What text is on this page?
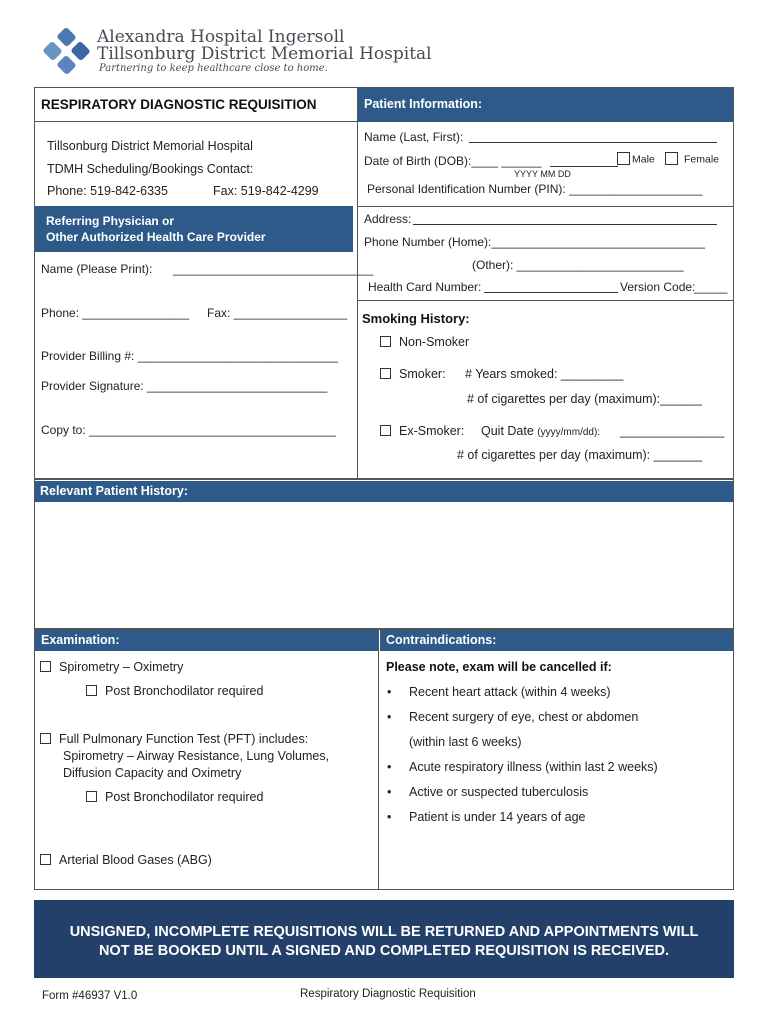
Alexandra Hospital Ingersoll
Tillsonburg District Memorial Hospital
Partnering to keep healthcare close to home.
RESPIRATORY DIAGNOSTIC REQUISITION
Tillsonburg District Memorial Hospital
TDMH Scheduling/Bookings Contact:
Phone: 519-842-6335	Fax: 519-842-4299
Referring Physician or
Other Authorized Health Care Provider
Name (Please Print): ______________________________
Phone: ________________ Fax: _________________
Provider Billing #: ______________________________
Provider Signature: ___________________________
Copy to: _____________________________________
Patient Information:
Name (Last, First):
Date of Birth (DOB):____ ______
YYYY MM DD
Male	Female
Personal Identification Number (PIN): ____________________
Address:
Phone Number (Home):________________________________
(Other): _________________________
Health Card Number:	Version Code:
_____
Smoking History:
Non-Smoker
Smoker: # Years smoked: _________
# of cigarettes per day (maximum):______
Ex-Smoker: Quit Date (yyyy/mm/dd): _______________
# of cigarettes per day (maximum): _______
Relevant Patient History:
Examination:	Contraindications:
Spirometry – Oximetry
Post Bronchodilator required
Full Pulmonary Function Test (PFT) includes:
Spirometry – Airway Resistance, Lung Volumes,
Diffusion Capacity and Oximetry
Post Bronchodilator required
Arterial Blood Gases (ABG)
Please note, exam will be cancelled if:
• Recent heart attack (within 4 weeks)
• Recent surgery of eye, chest or abdomen
(within last 6 weeks)
• Acute respiratory illness (within last 2 weeks)
• Active or suspected tuberculosis
• Patient is under 14 years of age
UNSIGNED, INCOMPLETE REQUISITIONS WILL BE RETURNED AND APPOINTMENTS WILL
NOT BE BOOKED UNTIL A SIGNED AND COMPLETED REQUISITION IS RECEIVED.
Form #46937 V1.0	Respiratory Diagnostic Requisition
